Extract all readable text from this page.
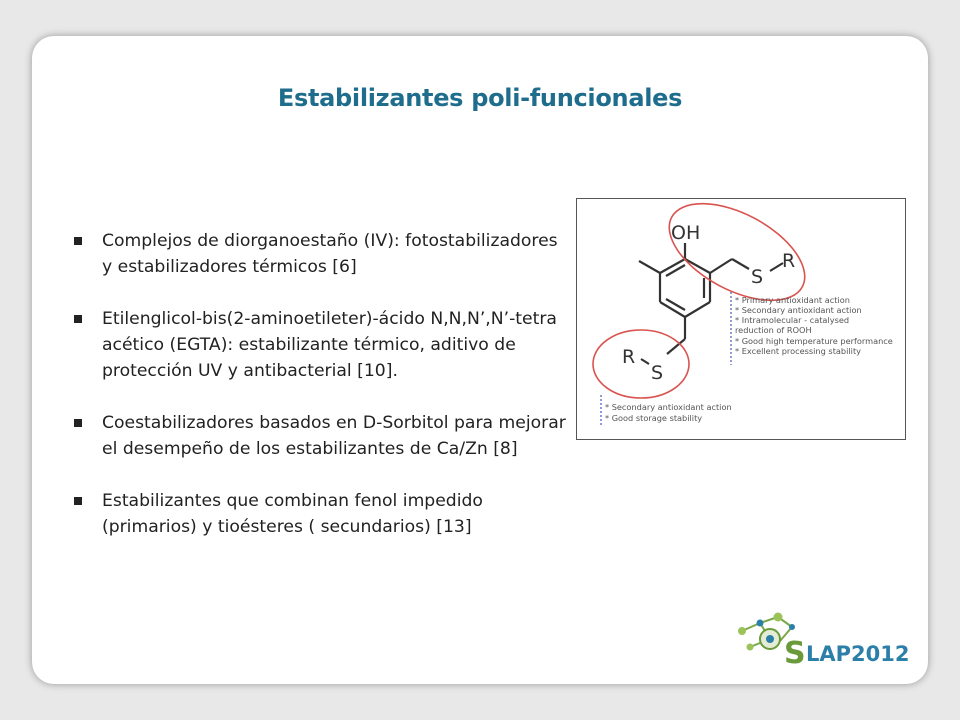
Estabilizantes poli-funcionales
Complejos de diorganoestaño (IV): fotostabilizadores y estabilizadores térmicos [6]
Etilenglicol-bis(2-aminoetileter)-ácido N,N,N’,N’-tetra acético (EGTA): estabilizante térmico, aditivo de protección UV y antibacterial [10].
Coestabilizadores basados en D-Sorbitol para mejorar el desempeño de los estabilizantes de Ca/Zn [8]
Estabilizantes que combinan fenol impedido (primarios) y tioésteres ( secundarios) [13]
OH
S
R
R
S
* Primary antioxidant action
* Secondary antioxidant action
* Intramolecular - catalysed
reduction of ROOH
* Good high temperature performance
* Excellent processing stability
* Secondary antioxidant action
* Good storage stability
S LAP2012
